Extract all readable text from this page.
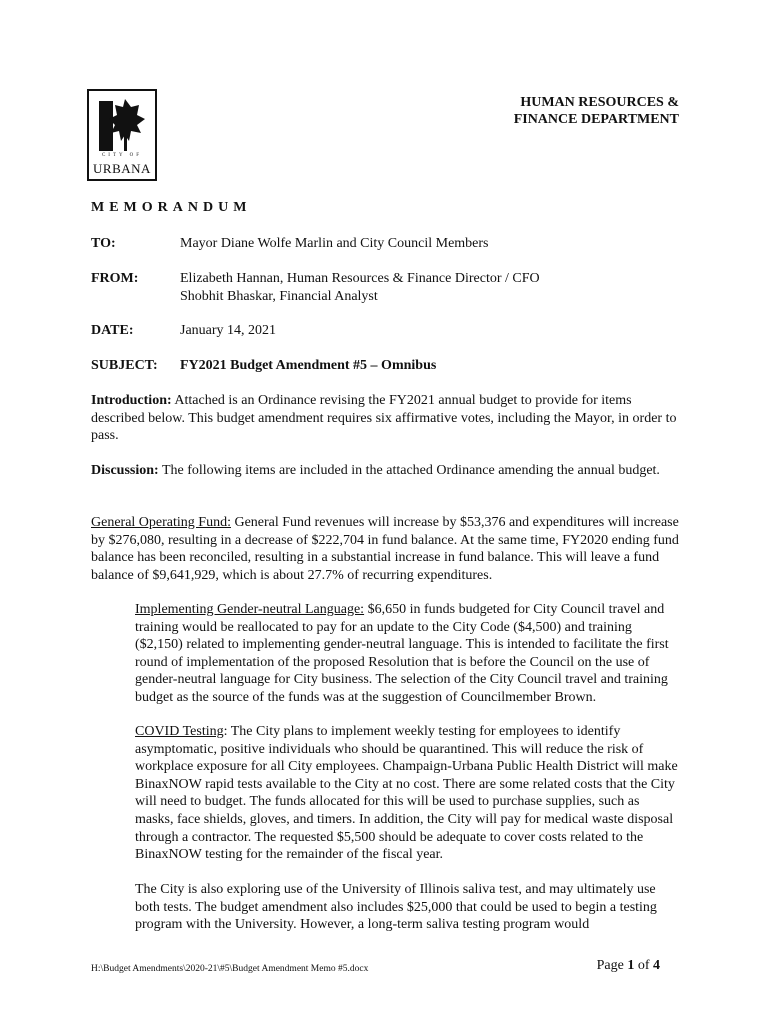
CITY OF
URBANA
HUMAN RESOURCES &
FINANCE DEPARTMENT
MEMORANDUM
TO:	Mayor Diane Wolfe Marlin and City Council Members
FROM:	Elizabeth Hannan, Human Resources & Finance Director / CFO
Shobhit Bhaskar, Financial Analyst
DATE:	January 14, 2021
SUBJECT:	FY2021 Budget Amendment #5 – Omnibus
Introduction: Attached is an Ordinance revising the FY2021 annual budget to provide for items described below. This budget amendment requires six affirmative votes, including the Mayor, in order to pass.
Discussion: The following items are included in the attached Ordinance amending the annual budget.
General Operating Fund: General Fund revenues will increase by $53,376 and expenditures will increase by $276,080, resulting in a decrease of $222,704 in fund balance. At the same time, FY2020 ending fund balance has been reconciled, resulting in a substantial increase in fund balance. This will leave a fund balance of $9,641,929, which is about 27.7% of recurring expenditures.
Implementing Gender-neutral Language: $6,650 in funds budgeted for City Council travel and training would be reallocated to pay for an update to the City Code ($4,500) and training ($2,150) related to implementing gender-neutral language. This is intended to facilitate the first round of implementation of the proposed Resolution that is before the Council on the use of gender-neutral language for City business. The selection of the City Council travel and training budget as the source of the funds was at the suggestion of Councilmember Brown.
COVID Testing: The City plans to implement weekly testing for employees to identify asymptomatic, positive individuals who should be quarantined. This will reduce the risk of workplace exposure for all City employees. Champaign-Urbana Public Health District will make BinaxNOW rapid tests available to the City at no cost. There are some related costs that the City will need to budget. The funds allocated for this will be used to purchase supplies, such as masks, face shields, gloves, and timers. In addition, the City will pay for medical waste disposal through a contractor. The requested $5,500 should be adequate to cover costs related to the BinaxNOW testing for the remainder of the fiscal year.
The City is also exploring use of the University of Illinois saliva test, and may ultimately use both tests. The budget amendment also includes $25,000 that could be used to begin a testing program with the University. However, a long-term saliva testing program would
H:\Budget Amendments\2020-21\#5\Budget Amendment Memo #5.docx	Page 1 of 4
